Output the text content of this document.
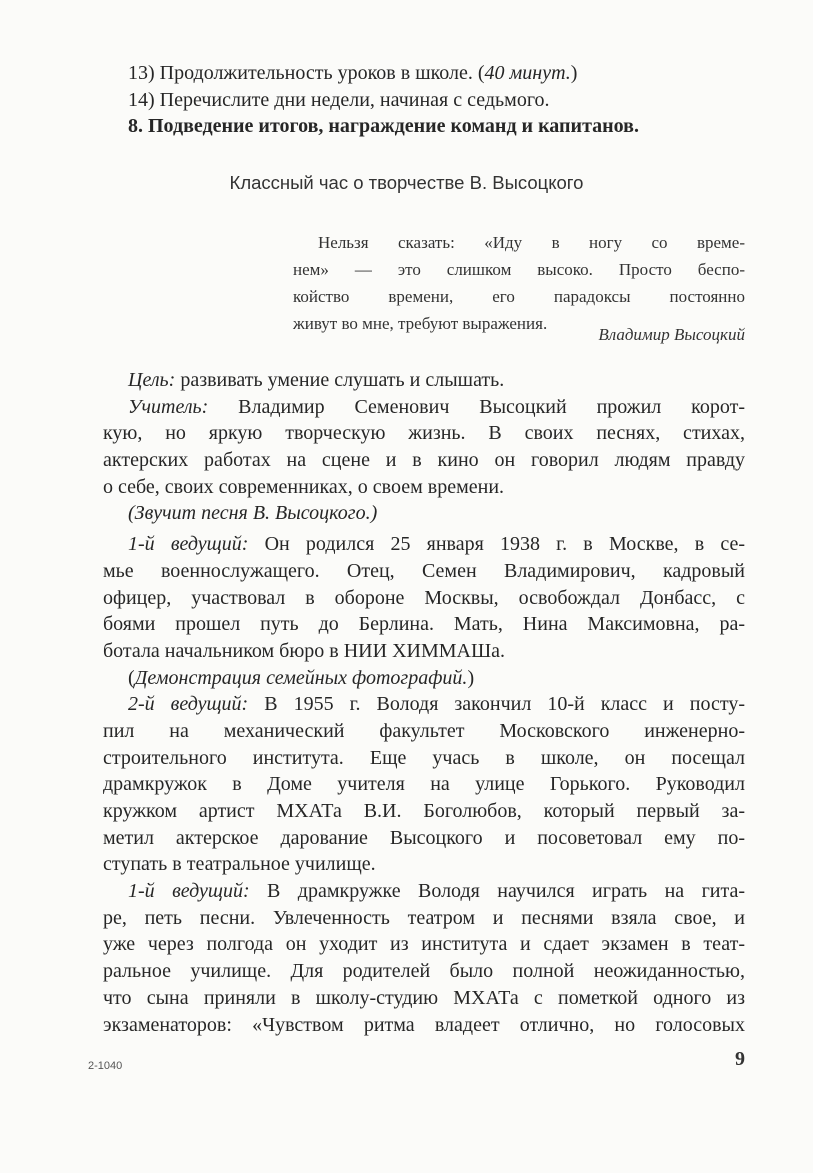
13) Продолжительность уроков в школе. (40 минут.)
14) Перечислите дни недели, начиная с седьмого.
8. Подведение итогов, награждение команд и капитанов.
Классный час о творчестве В. Высоцкого
Нельзя сказать: «Иду в ногу со време-
нем» — это слишком высоко. Просто беспо-
койство времени, его парадоксы постоянно
живут во мне, требуют выражения.
Владимир Высоцкий
Цель: развивать умение слушать и слышать.
Учитель: Владимир Семенович Высоцкий прожил корот-
кую, но яркую творческую жизнь. В своих песнях, стихах,
актерских работах на сцене и в кино он говорил людям правду
о себе, своих современниках, о своем времени.
(Звучит песня В. Высоцкого.)
1-й ведущий: Он родился 25 января 1938 г. в Москве, в се-
мье военнослужащего. Отец, Семен Владимирович, кадровый
офицер, участвовал в обороне Москвы, освобождал Донбасс, с
боями прошел путь до Берлина. Мать, Нина Максимовна, ра-
ботала начальником бюро в НИИ ХИММАШа.
(Демонстрация семейных фотографий.)
2-й ведущий: В 1955 г. Володя закончил 10-й класс и посту-
пил на механический факультет Московского инженерно-
строительного института. Еще учась в школе, он посещал
драмкружок в Доме учителя на улице Горького. Руководил
кружком артист МХАТа В.И. Боголюбов, который первый за-
метил актерское дарование Высоцкого и посоветовал ему по-
ступать в театральное училище.
1-й ведущий: В драмкружке Володя научился играть на гита-
ре, петь песни. Увлеченность театром и песнями взяла свое, и
уже через полгода он уходит из института и сдает экзамен в теат-
ральное училище. Для родителей было полной неожиданностью,
что сына приняли в школу-студию МХАТа с пометкой одного из
экзаменаторов: «Чувством ритма владеет отлично, но голосовых
2-1040	9
